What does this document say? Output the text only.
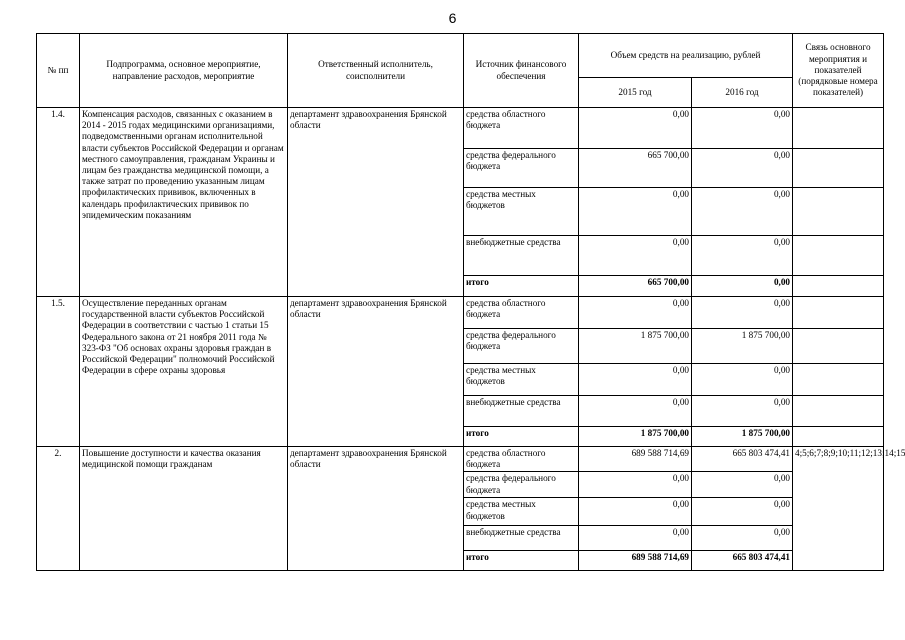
6
№ пп	Подпрограмма, основное мероприятие, направление расходов, мероприятие	Ответственный исполнитель, соисполнители	Источник финансового обеспечения	Объем средств на реализацию, рублей		Связь основного мероприятия и показателей (порядковые номера показателей)
				2015 год	2016 год	
1.4.	Компенсация расходов, связанных с оказанием в 2014 - 2015 годах медицинскими организациями, подведомственными органам исполнительной власти субъектов Российской Федерации и органам местного самоуправления, гражданам Украины и лицам без гражданства медицинской помощи, а также затрат по проведению указанным лицам профилактических прививок, включенных в календарь профилактических прививок по эпидемическим показаниям	департамент здравоохранения Брянской области	средства областного бюджета	0,00	0,00	
			средства федерального бюджета	665 700,00	0,00	
			средства местных бюджетов	0,00	0,00	
			внебюджетные средства	0,00	0,00	
			итого	665 700,00	0,00	
1.5.	Осуществление переданных органам государственной власти субъектов Российской Федерации в соответствии с частью 1 статьи 15 Федерального закона от 21 ноября 2011 года № 323-ФЗ "Об основах охраны здоровья граждан в Российской Федерации" полномочий Российской Федерации в сфере охраны здоровья	департамент здравоохранения Брянской области	средства областного бюджета	0,00	0,00	
			средства федерального бюджета	1 875 700,00	1 875 700,00	
			средства местных бюджетов	0,00	0,00	
			внебюджетные средства	0,00	0,00	
			итого	1 875 700,00	1 875 700,00	
2.	Повышение доступности и качества оказания медицинской помощи гражданам	департамент здравоохранения Брянской области	средства областного бюджета	689 588 714,69	665 803 474,41	4;5;6;7;8;9;10;11;12;13;14;15
			средства федерального бюджета	0,00	0,00	
			средства местных бюджетов	0,00	0,00	
			внебюджетные средства	0,00	0,00	
			итого	689 588 714,69	665 803 474,41	
